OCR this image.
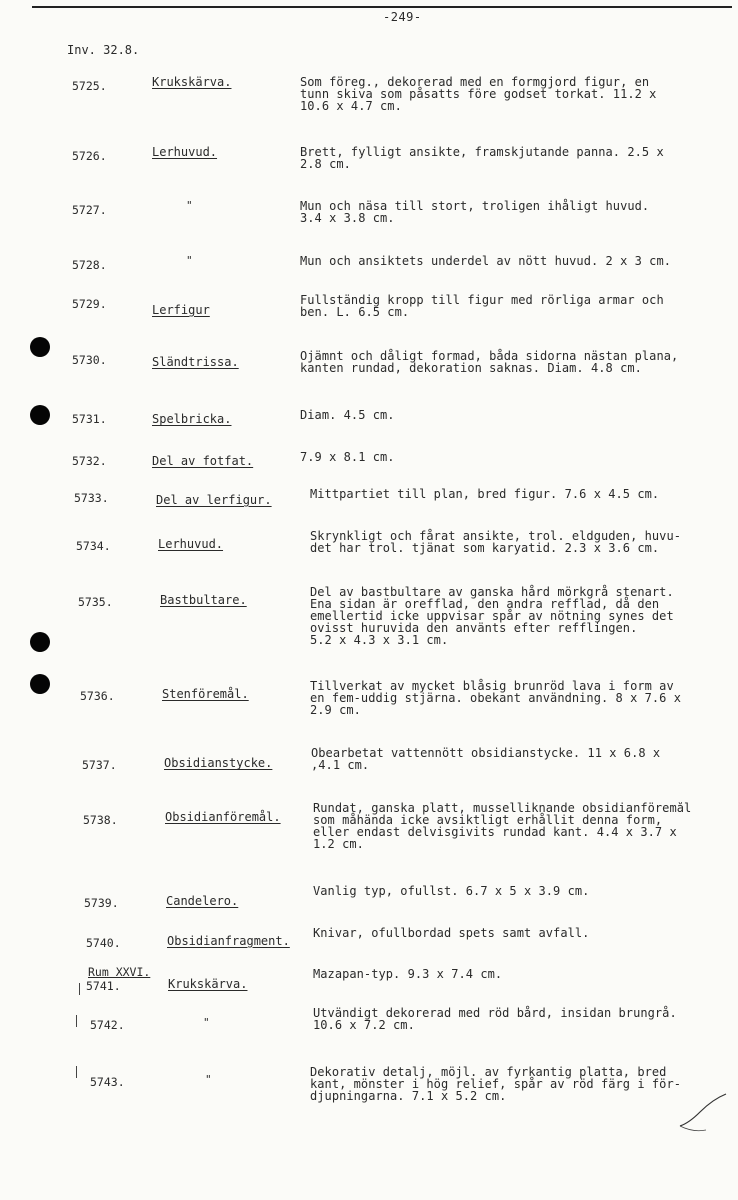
-249-
Inv. 32.8.
Rum XXVI.
5725.	Krukskärva.	Som föreg., dekorerad med en formgjord figur, en
tunn skiva som påsatts före godset torkat. 11.2 x
10.6 x 4.7 cm.
5726.	Lerhuvud.	Brett, fylligt ansikte, framskjutande panna. 2.5 x
2.8 cm.
5727.	"	Mun och näsa till stort, troligen ihåligt huvud.
3.4 x 3.8 cm.
5728.	"	Mun och ansiktets underdel av nött huvud. 2 x 3 cm.
5729.	Lerfigur
Fullständig kropp till figur med rörliga armar och
ben. L. 6.5 cm.
5730.	Sländtrissa.	Ojämnt och dåligt formad, båda sidorna nästan plana,
kanten rundad, dekoration saknas. Diam. 4.8 cm.
5731.	Spelbricka.	Diam. 4.5 cm.
5732.	Del av fotfat.	7.9 x 8.1 cm.
5733.	Del av lerfigur.	Mittpartiet till plan, bred figur. 7.6 x 4.5 cm.
5734.	Lerhuvud.
Skrynkligt och fårat ansikte, trol. eldguden, huvu-
det har trol. tjänat som karyatid. 2.3 x 3.6 cm.
5735.	Bastbultare.
Del av bastbultare av ganska hård mörkgrå stenart.
Ena sidan är orefflad, den andra refflad, då den
emellertid icke uppvisar spår av nötning synes det
ovisst huruvida den använts efter refflingen.
5.2 x 4.3 x 3.1 cm.
5736.	Stenföremål.
Tillverkat av mycket blåsig brunröd lava i form av
en fem-uddig stjärna. obekant användning. 8 x 7.6 x
2.9 cm.
5737.	Obsidianstycke.
Obearbetat vattennött obsidianstycke. 11 x 6.8 x
,4.1 cm.
5738.	Obsidianföremål.
Rundat, ganska platt, musselliknande obsidianföremål
som måhända icke avsiktligt erhållit denna form,
eller endast delvisgivits rundad kant. 4.4 x 3.7 x
1.2 cm.
5739.	Candelero.
Vanlig typ, ofullst. 6.7 x 5 x 3.9 cm.
5740.	Obsidianfragment.
Knivar, ofullbordad spets samt avfall.
5741.	Krukskärva.
Mazapan-typ. 9.3 x 7.4 cm.
5742.	"
Utvändigt dekorerad med röd bård, insidan brungrå.
10.6 x 7.2 cm.
5743.	"
Dekorativ detalj, möjl. av fyrkantig platta, bred
kant, mönster i hög relief, spår av röd färg i för-
djupningarna. 7.1 x 5.2 cm.
